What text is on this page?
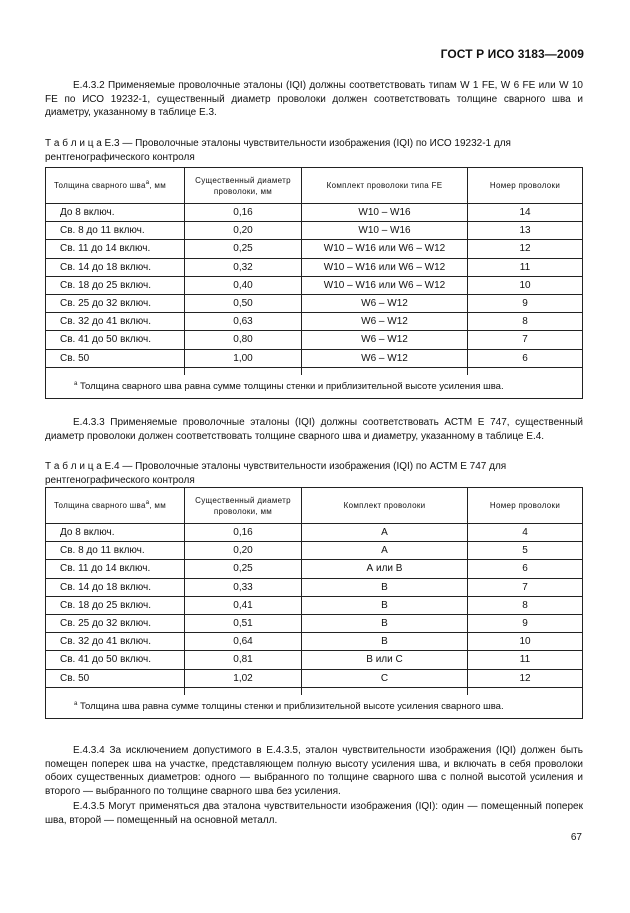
ГОСТ Р ИСО 3183—2009
Е.4.3.2 Применяемые проволочные эталоны (IQI) должны соответствовать типам W 1 FE, W 6 FE или W 10 FE по ИСО 19232-1, существенный диаметр проволоки должен соответствовать толщине сварного шва и диаметру, указанному в таблице Е.3.
Т а б л и ц а Е.3 — Проволочные эталоны чувствительности изображения (IQI) по ИСО 19232-1 для рентгенографического контроля
Толщина сварного шва$^a$, мм	Существенный диаметр проволоки, мм	Комплект проволоки типа FE	Номер проволоки
До 8 включ.	0,16	W10 – W16	14
Св. 8 до 11 включ.	0,20	W10 – W16	13
Св. 11 до 14 включ.	0,25	W10 – W16 или W6 – W12	12
Св. 14 до 18 включ.	0,32	W10 – W16 или W6 – W12	11
Св. 18 до 25 включ.	0,40	W10 – W16 или W6 – W12	10
Св. 25 до 32 включ.	0,50	W6 – W12	9
Св. 32 до 41 включ.	0,63	W6 – W12	8
Св. 41 до 50 включ.	0,80	W6 – W12	7
Св. 50	1,00	W6 – W12	6

$^a$ Толщина сварного шва равна сумме толщины стенки и приблизительной высоте усиления шва.			
Е.4.3.3 Применяемые проволочные эталоны (IQI) должны соответствовать АСТМ Е 747, существенный диаметр проволоки должен соответствовать толщине сварного шва и диаметру, указанному в таблице Е.4.
Т а б л и ц а Е.4 — Проволочные эталоны чувствительности изображения (IQI) по АСТМ Е 747 для рентгенографического контроля
Толщина сварного шва$^a$, мм	Существенный диаметр проволоки, мм	Комплект проволоки	Номер проволоки
До 8 включ.	0,16	А	4
Св. 8 до 11 включ.	0,20	А	5
Св. 11 до 14 включ.	0,25	А или В	6
Св. 14 до 18 включ.	0,33	В	7
Св. 18 до 25 включ.	0,41	В	8
Св. 25 до 32 включ.	0,51	В	9
Св. 32 до 41 включ.	0,64	В	10
Св. 41 до 50 включ.	0,81	В или С	11
Св. 50	1,02	С	12

$^a$ Толщина шва равна сумме толщины стенки и приблизительной высоте усиления сварного шва.			
Е.4.3.4 За исключением допустимого в Е.4.3.5, эталон чувствительности изображения (IQI) должен быть помещен поперек шва на участке, представляющем полную высоту усиления шва, и включать в себя проволоки обоих существенных диаметров: одного — выбранного по толщине сварного шва с полной высотой усиления и второго — выбранного по толщине сварного шва без усиления.
Е.4.3.5 Могут применяться два эталона чувствительности изображения (IQI): один — помещенный поперек шва, второй — помещенный на основной металл.
67
